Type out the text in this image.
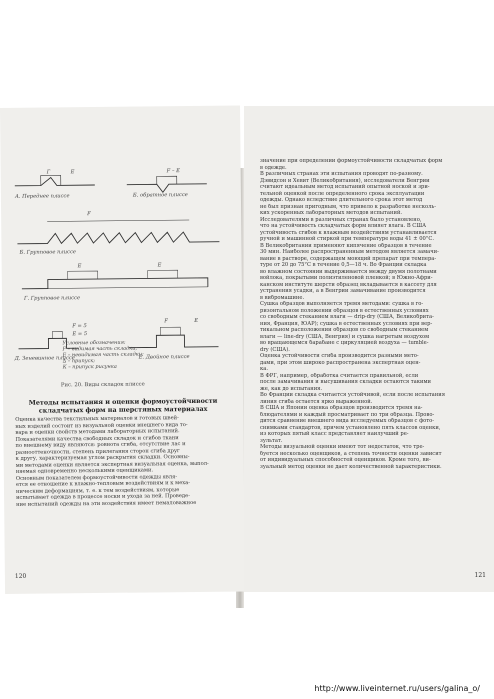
А. Переднее плиссе	Б. обратное плиссе
Б. Групповое плиссе
Г. Групповое плиссе
Д. Зеневинное плиссе	Е. Двойное плиссе
Г	Е	F – Е
F
Е	Е
F = 5
Е = 5
F	Е
Условные обозначения:
F – видимая часть складки;
Е – невидимая часть складки;
∆ – припуск;
К – припуск рисунка
Рис. 20. Виды складок плиссе
Методы испытания и оценки формоустойчивости складчатых форм на шерстяных материалах
Оценка качества текстильных материалов и готовых швей-
ных изделий состоит из визуальной оценки внешнего вида то-
вара и оценки свойств методами лабораторных испытаний.
Показателями качества свободных складок и сгибов ткани
по внешнему виду являются: ровнота сгиба, отсутствие лас и
разнооттеночности, степень прилегания сторон сгиба друг
к другу, характеризуемая углом раскрытия складки. Основны-
ми методами оценки является экспертная визуальная оценка, выпол-
няемая одновременно несколькими оценщиками.
Основным показателем формоустойчивости одежды явля-
ется ее отношение к влажно-тепловым воздействиям и к меха-
ническим деформациям, т. е. к тем воздействиям, которые
испытывает одежда в процессе носки и ухода за ней. Проведе-
ние испытаний одежды на эти воздействия имеет немаловажное
120
значение при определении формоустойчивости складчатых форм
в одежде.
В различных странах эти испытания проводят по-разному.
Дэвидсон и Хевит (Великобритания), исследователи Венгрии
считают идеальным метод испытаний опытной ноской и зри-
тельной оценкой после определенного срока эксплуатации
одежды. Однако вследствие длительного срока этот метод
не был признан пригодным, что привело к разработке несколь-
ких ускоренных лабораторных методов испытаний.
Исследователями в различных странах было установлено,
что на устойчивость складчатых форм влияет влага. В США
устойчивость сгибов к влажным воздействиям устанавливается
ручной и машинной стиркой при температуре воды 41 ± 00°С.
В Великобритании применяют кипячение образцов в течение
30 мин. Наиболее распространенным методом является замачи-
вание в растворе, содержащем моющий препарат при темпера-
туре от 20 до 75°С в течение 0,5—18 ч. Во Франции складка
во влажном состоянии выдерживается между двумя полотнами
войлока, покрытыми полиэтиленовой пленкой; в Южно-Афри-
канском институте шерсти образец вкладывается в кассету для
устранения усадки, а в Венгрии замачивание производится
в вибромашине.
Сушка образцов выполняется тремя методами: сушка в го-
ризонтальном положении образцов в естественных условиях
со свободным стеканием влаги — drip-dry (США, Великобрита-
ния, Франция, ЮАР); сушка в естественных условиях при вер-
тикальном расположении образцов со свободным стеканием
влаги — line-dry (США, Венгрия) и сушка нагретым воздухом
во вращающемся барабане с циркуляцией воздуха — tumble-
dry (США).
Оценка устойчивости сгиба производится разными мето-
дами, при этом широко распространена экспертная оцен-
ка.
В ФРГ, например, обработка считается правильной, если
после замачивания и высушивания складки остаются такими
же, как до испытания.
Во Франции складка считается устойчивой, если после испытания
линия сгиба остается ярко выраженной.
В США и Японии оценка образцов производится тремя на-
блюдателями и каждый просматривает по три образца. Прово-
дится сравнение внешнего вида исследуемых образцов с фото-
снимками стандартов, причем установлено пять классов оценки,
из которых пятый класс представляет наилучший ре-
зультат.
Методы визуальной оценки имеют тот недостаток, что тре-
буется несколько оценщиков, а степень точности оценки зависит
от индивидуальных способностей оценщиков. Кроме того, ви-
зуальный метод оценки не дает количественной характеристики.
121
http://www.liveinternet.ru/users/galina_o/
